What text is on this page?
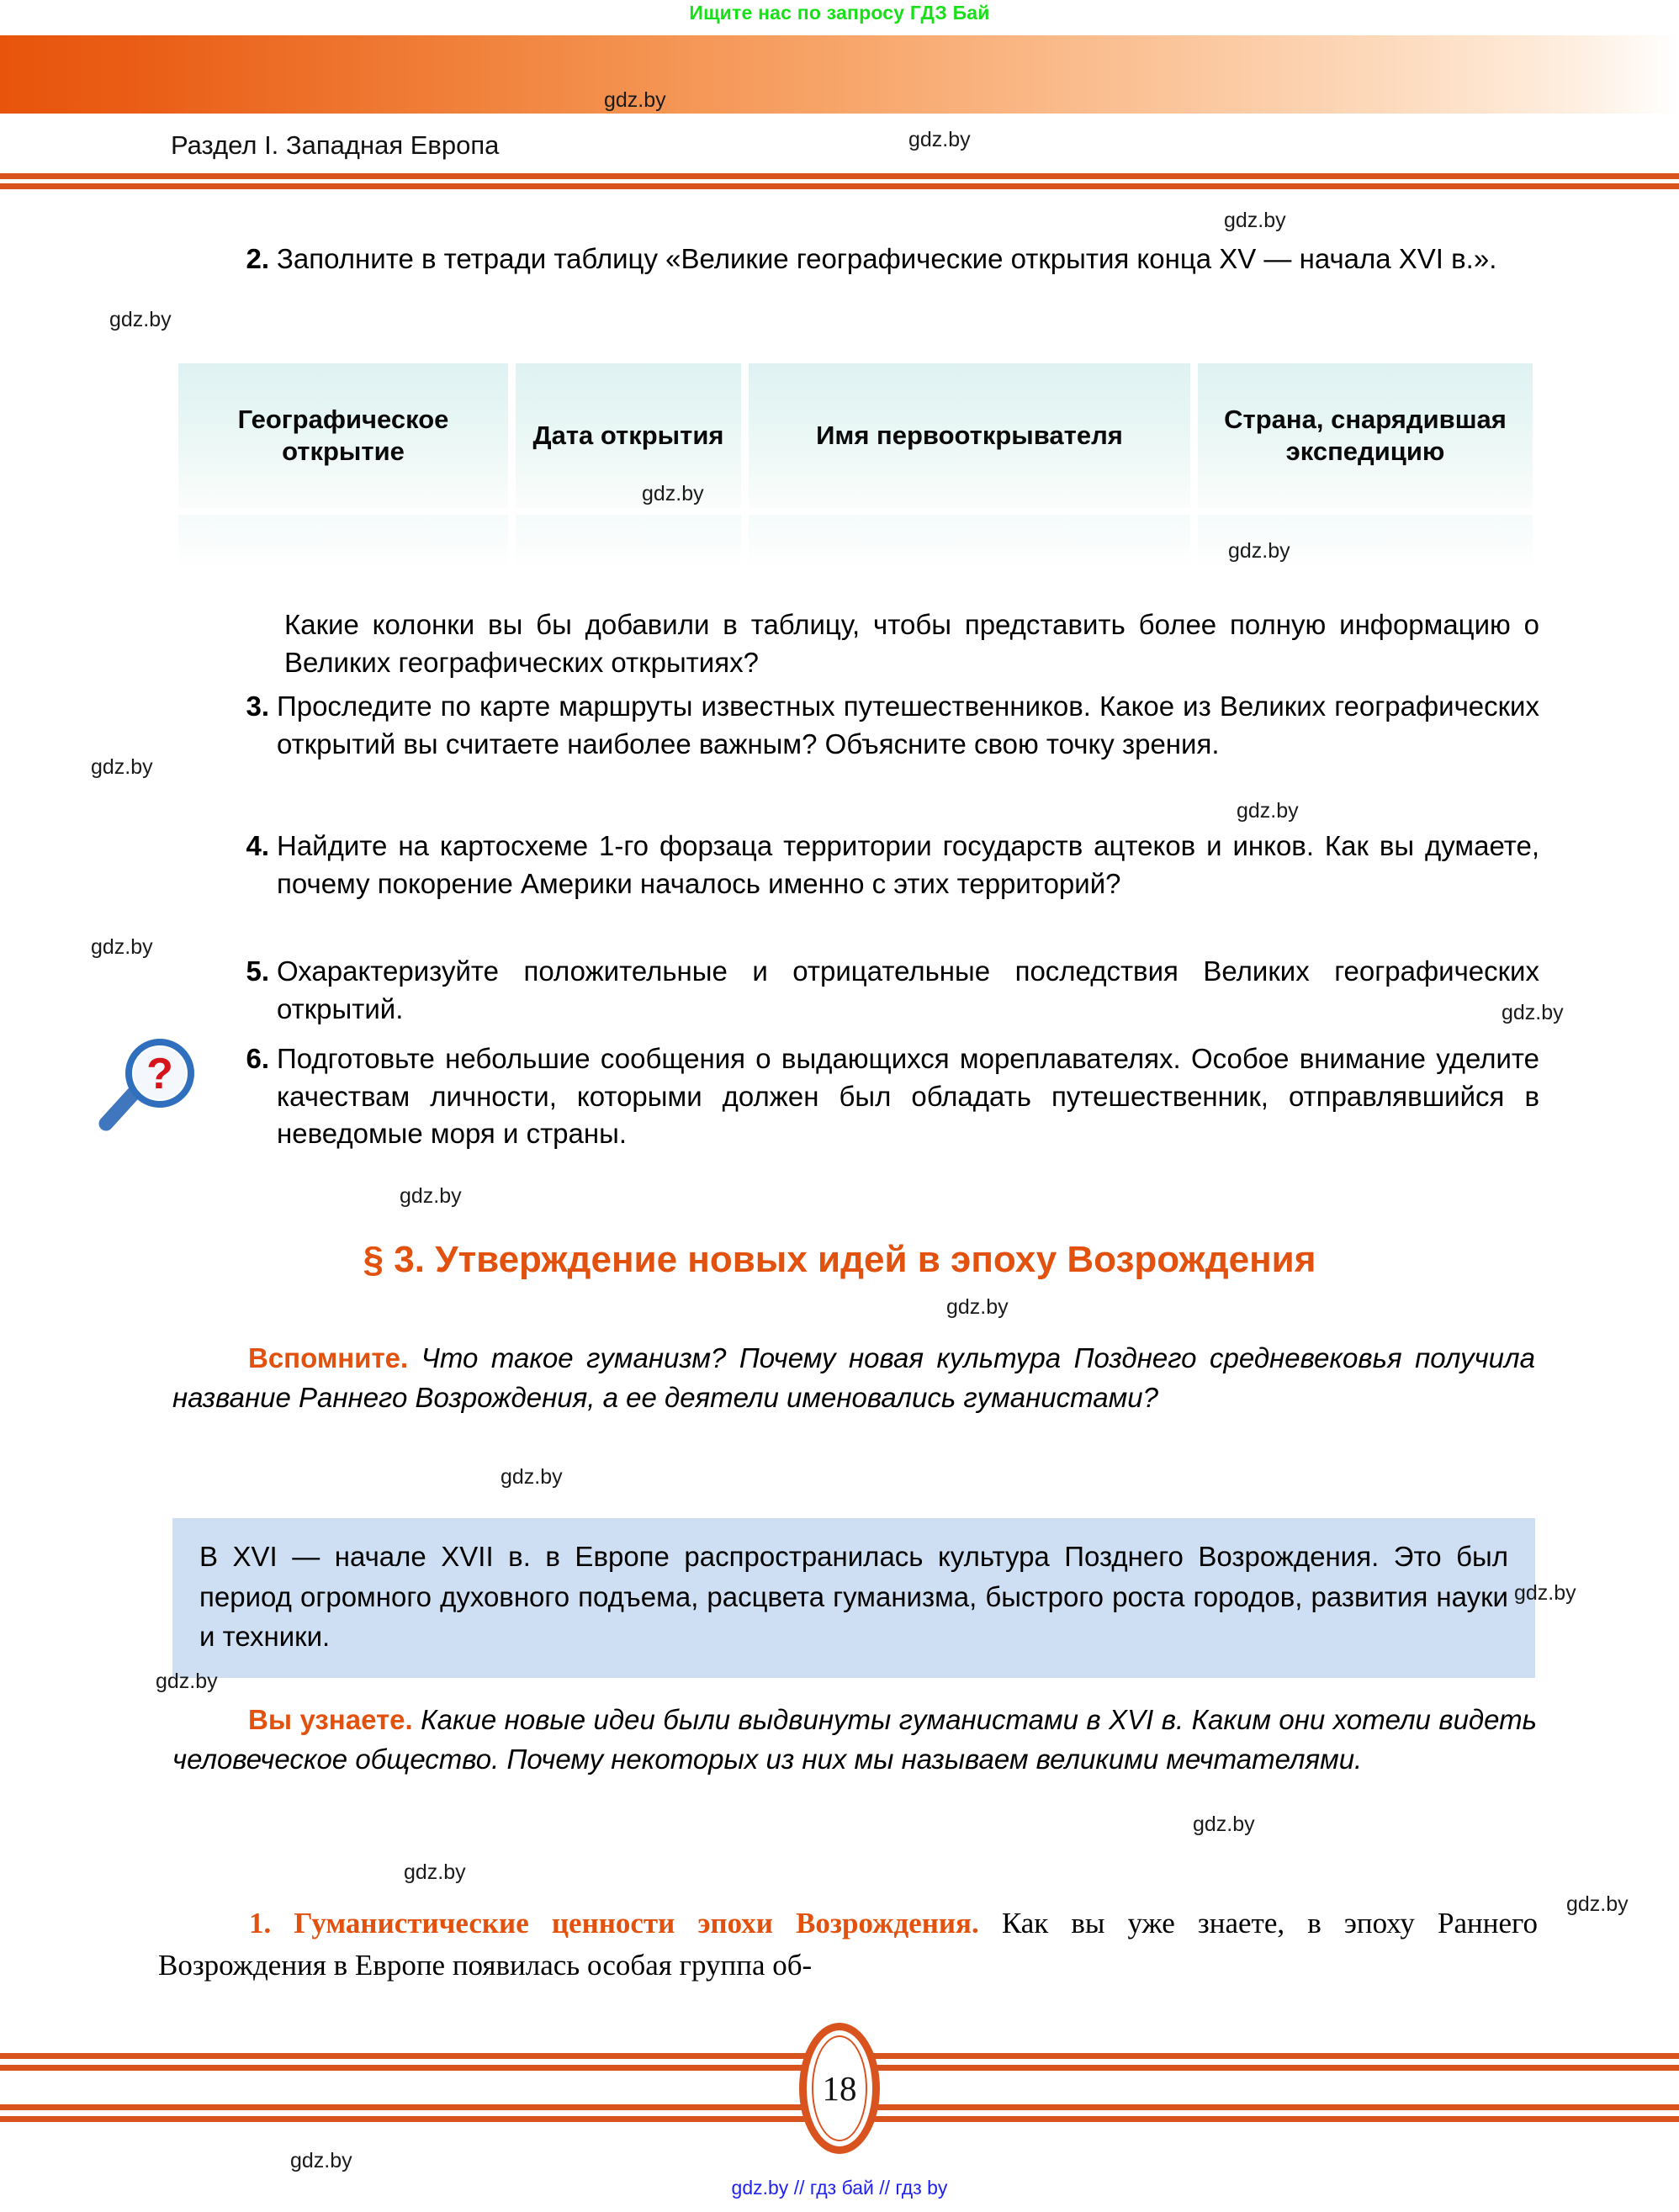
Ищите нас по запросу ГДЗ Бай
Раздел I. Западная Европа
2. Заполните в тетради таблицу «Великие географические открытия конца XV — начала XVI в.».
Географическое открытие
Дата открытия	Имя первооткрывателя
Страна, снарядившая экспедицию
Какие колонки вы бы добавили в таблицу, чтобы представить более полную информацию о Великих географических открытиях?
3. Проследите по карте маршруты известных путешественников. Какое из Великих географических открытий вы считаете наиболее важным? Объясните свою точку зрения.
4. Найдите на картосхеме 1-го форзаца территории государств ацтеков и инков. Как вы думаете, почему покорение Америки началось именно с этих территорий?
5. Охарактеризуйте положительные и отрицательные последствия Великих географических открытий.
6. Подготовьте небольшие сообщения о выдающихся мореплавателях. Особое внимание уделите качествам личности, которыми должен был обладать путешественник, отправлявшийся в неведомые моря и страны.
?
§ 3. Утверждение новых идей в эпоху Возрождения
Вспомните. Что такое гуманизм? Почему новая культура Позднего средневековья получила название Раннего Возрождения, а ее деятели именовались гуманистами?

В XVI — начале XVII в. в Европе распространилась культура Позднего Возрождения. Это был период огромного духовного подъема, расцвета гуманизма, быстрого роста городов, развития науки и техники.

Вы узнаете. Какие новые идеи были выдвинуты гуманистами в XVI в. Каким они хотели видеть человеческое общество. Почему некоторых из них мы называем великими мечтателями.
1. Гуманистические ценности эпохи Возрождения. Как вы уже знаете, в эпоху Раннего Возрождения в Европе появилась особая группа об-
18
gdz.by // гдз бай // гдз by
gdz.by
gdz.by
gdz.by
gdz.by
gdz.by
gdz.by
gdz.by
gdz.by
gdz.by
gdz.by
gdz.by
gdz.by
gdz.by
gdz.by
gdz.by
gdz.by
gdz.by
gdz.by
gdz.by
